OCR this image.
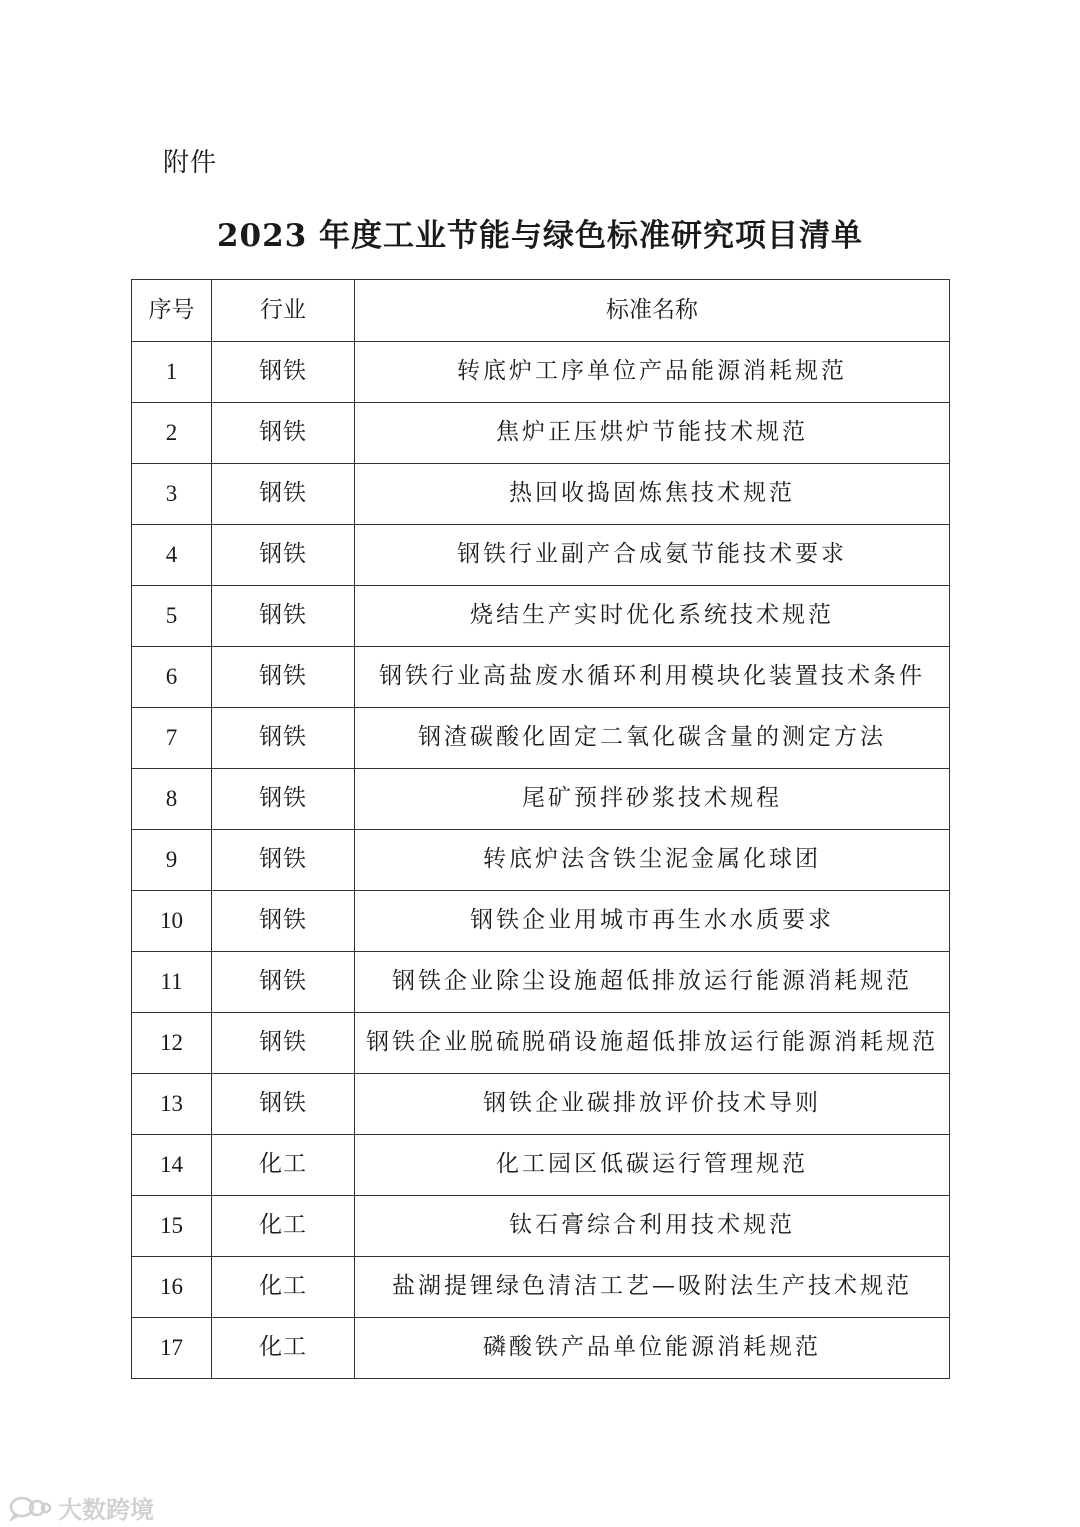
附件
2023 年度工业节能与绿色标准研究项目清单
序号	行业	标准名称
1	钢铁	转底炉工序单位产品能源消耗规范
2	钢铁	焦炉正压烘炉节能技术规范
3	钢铁	热回收捣固炼焦技术规范
4	钢铁	钢铁行业副产合成氨节能技术要求
5	钢铁	烧结生产实时优化系统技术规范
6	钢铁	钢铁行业高盐废水循环利用模块化装置技术条件
7	钢铁	钢渣碳酸化固定二氧化碳含量的测定方法
8	钢铁	尾矿预拌砂浆技术规程
9	钢铁	转底炉法含铁尘泥金属化球团
10	钢铁	钢铁企业用城市再生水水质要求
11	钢铁	钢铁企业除尘设施超低排放运行能源消耗规范
12	钢铁	钢铁企业脱硫脱硝设施超低排放运行能源消耗规范
13	钢铁	钢铁企业碳排放评价技术导则
14	化工	化工园区低碳运行管理规范
15	化工	钛石膏综合利用技术规范
16	化工	盐湖提锂绿色清洁工艺—吸附法生产技术规范
17	化工	磷酸铁产品单位能源消耗规范
大数跨境
